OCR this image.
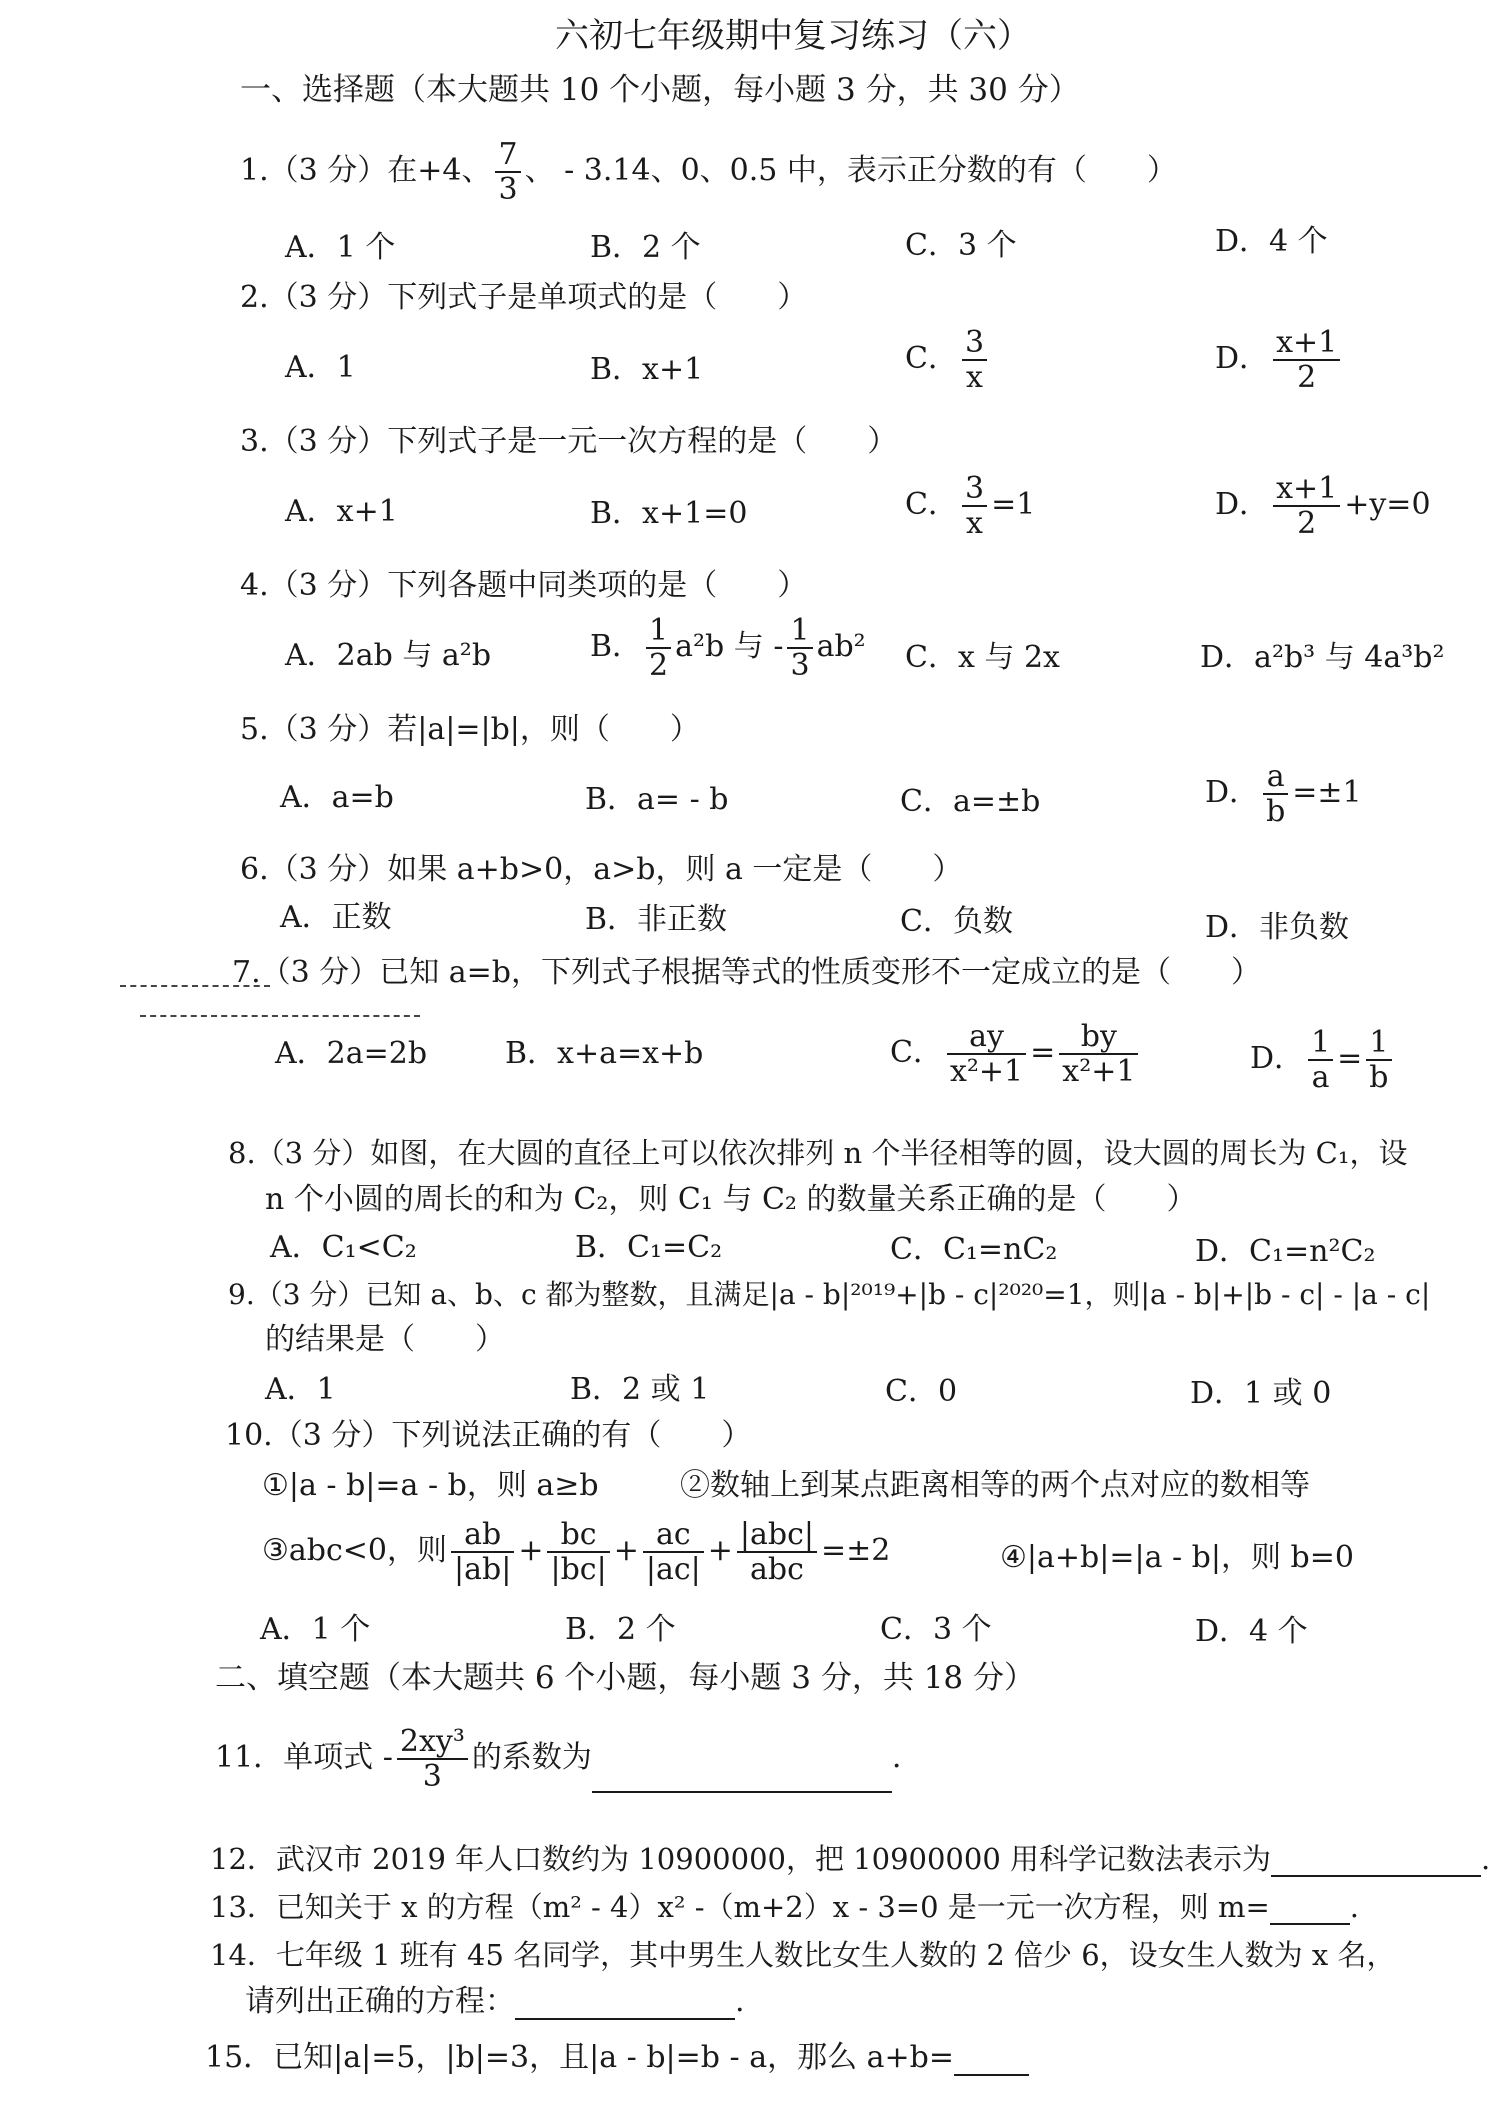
六初七年级期中复习练习（六）
一、选择题（本大题共 10 个小题，每小题 3 分，共 30 分）
1.（3 分）在+4、 $\frac{7}{3}$ 、 - 3.14、0、0.5 中，表示正分数的有（　　）
A．1 个	B．2 个	C．3 个	D．4 个
2.（3 分）下列式子是单项式的是（　　）
A．1	B．x+1	C． $\frac{3}{x}$	D． $\frac{x+1}{2}$
3.（3 分）下列式子是一元一次方程的是（　　）
A．x+1	B．x+1=0	C． $\frac{3}{x} =1$	D． $\frac{x+1}{2} +y=0$
4.（3 分）下列各题中同类项的是（　　）
A．2ab 与 a²b	B． $\frac{1}{2} a^2b$ 与 - $\frac{1}{3} ab^2$ C．x 与 2x	D．a²b³ 与 4a³b²
5.（3 分）若|a|=|b|，则（　　）
A．a=b	B．a= - b	C．a=±b	D． $\frac{a}{b} =\pm 1$
6.（3 分）如果 a+b>0，a>b，则 a 一定是（　　）
A．正数	B．非正数	C．负数	D．非负数
7.（3 分）已知 a=b，下列式子根据等式的性质变形不一定成立的是（　　）
A．2a=2b	B．x+a=x+b	C． $\frac{ay}{\text{x²+1}} = \frac{by}{\text{x²+1}}$	D． $\frac{1}{a} = \frac{1}{b}$
8.（3 分）如图，在大圆的直径上可以依次排列 n 个半径相等的圆，设大圆的周长为 C₁，设
n 个小圆的周长的和为 C₂，则 C₁ 与 C₂ 的数量关系正确的是（　　）
A．C₁<C₂	B．C₁=C₂	C．C₁=nC₂	D．C₁=n²C₂
9.（3 分）已知 a、b、c 都为整数，且满足|a - b|²⁰¹⁹+|b - c|²⁰²⁰=1，则|a - b|+|b - c| - |a - c|
的结果是（　　）
A．1	B．2 或 1	C．0	D．1 或 0
10.（3 分）下列说法正确的有（　　）
①|a - b|=a - b，则 a≥b	②数轴上到某点距离相等的两个点对应的数相等
③abc<0，则 $\frac{ab}{|ab|} + \frac{bc}{|bc|} + \frac{ac}{|ac|} + \frac{\text{|abc|}}{\text{abc}} =\pm 2$	④|a+b|=|a - b|，则 b=0
A．1 个	B．2 个	C．3 个	D．4 个
二、填空题（本大题共 6 个小题，每小题 3 分，共 18 分）
11．单项式 - $\frac{\text{2xy³}}{3}$ 的系数为	.
12．武汉市 2019 年人口数约为 10900000，把 10900000 用科学记数法表示为	.
13．已知关于 x 的方程（m² - 4）x² -（m+2）x - 3=0 是一元一次方程，则 m=	.
14．七年级 1 班有 45 名同学，其中男生人数比女生人数的 2 倍少 6，设女生人数为 x 名，
请列出正确的方程：	.
15．已知|a|=5，|b|=3，且|a - b|=b - a，那么 a+b=
